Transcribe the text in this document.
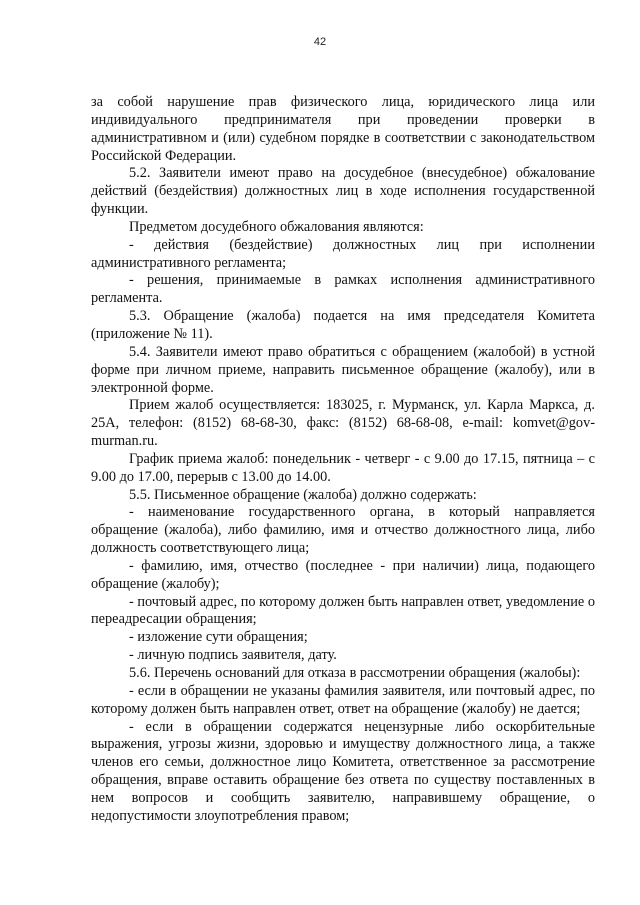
42

за собой нарушение прав физического лица, юридического лица или индивидуального предпринимателя при проведении проверки в административном и (или) судебном порядке в соответствии с законодательством Российской Федерации.

5.2. Заявители имеют право на досудебное (внесудебное) обжалование действий (бездействия) должностных лиц в ходе исполнения государственной функции.

Предметом досудебного обжалования являются:

- действия (бездействие) должностных лиц при исполнении административного регламента;

- решения, принимаемые в рамках исполнения административного регламента.

5.3. Обращение (жалоба) подается на имя председателя Комитета (приложение № 11).

5.4. Заявители имеют право обратиться с обращением (жалобой) в устной форме при личном приеме, направить письменное обращение (жалобу), или в электронной форме.

Прием жалоб осуществляется: 183025, г. Мурманск, ул. Карла Маркса, д. 25А, телефон: (8152) 68-68-30, факс: (8152) 68-68-08, e-mail: komvet@gov-murman.ru.

График приема жалоб: понедельник - четверг - с 9.00 до 17.15, пятница – с 9.00 до 17.00, перерыв с 13.00 до 14.00.

5.5. Письменное обращение (жалоба) должно содержать:

- наименование государственного органа, в который направляется обращение (жалоба), либо фамилию, имя и отчество должностного лица, либо должность соответствующего лица;

- фамилию, имя, отчество (последнее - при наличии) лица, подающего обращение (жалобу);

- почтовый адрес, по которому должен быть направлен ответ, уведомление о переадресации обращения;

- изложение сути обращения;

- личную подпись заявителя, дату.

5.6. Перечень оснований для отказа в рассмотрении обращения (жалобы):

- если в обращении не указаны фамилия заявителя, или почтовый адрес, по которому должен быть направлен ответ, ответ на обращение (жалобу) не дается;

- если в обращении содержатся нецензурные либо оскорбительные выражения, угрозы жизни, здоровью и имуществу должностного лица, а также членов его семьи, должностное лицо Комитета, ответственное за рассмотрение обращения, вправе оставить обращение без ответа по существу поставленных в нем вопросов и сообщить заявителю, направившему обращение, о недопустимости злоупотребления правом;
